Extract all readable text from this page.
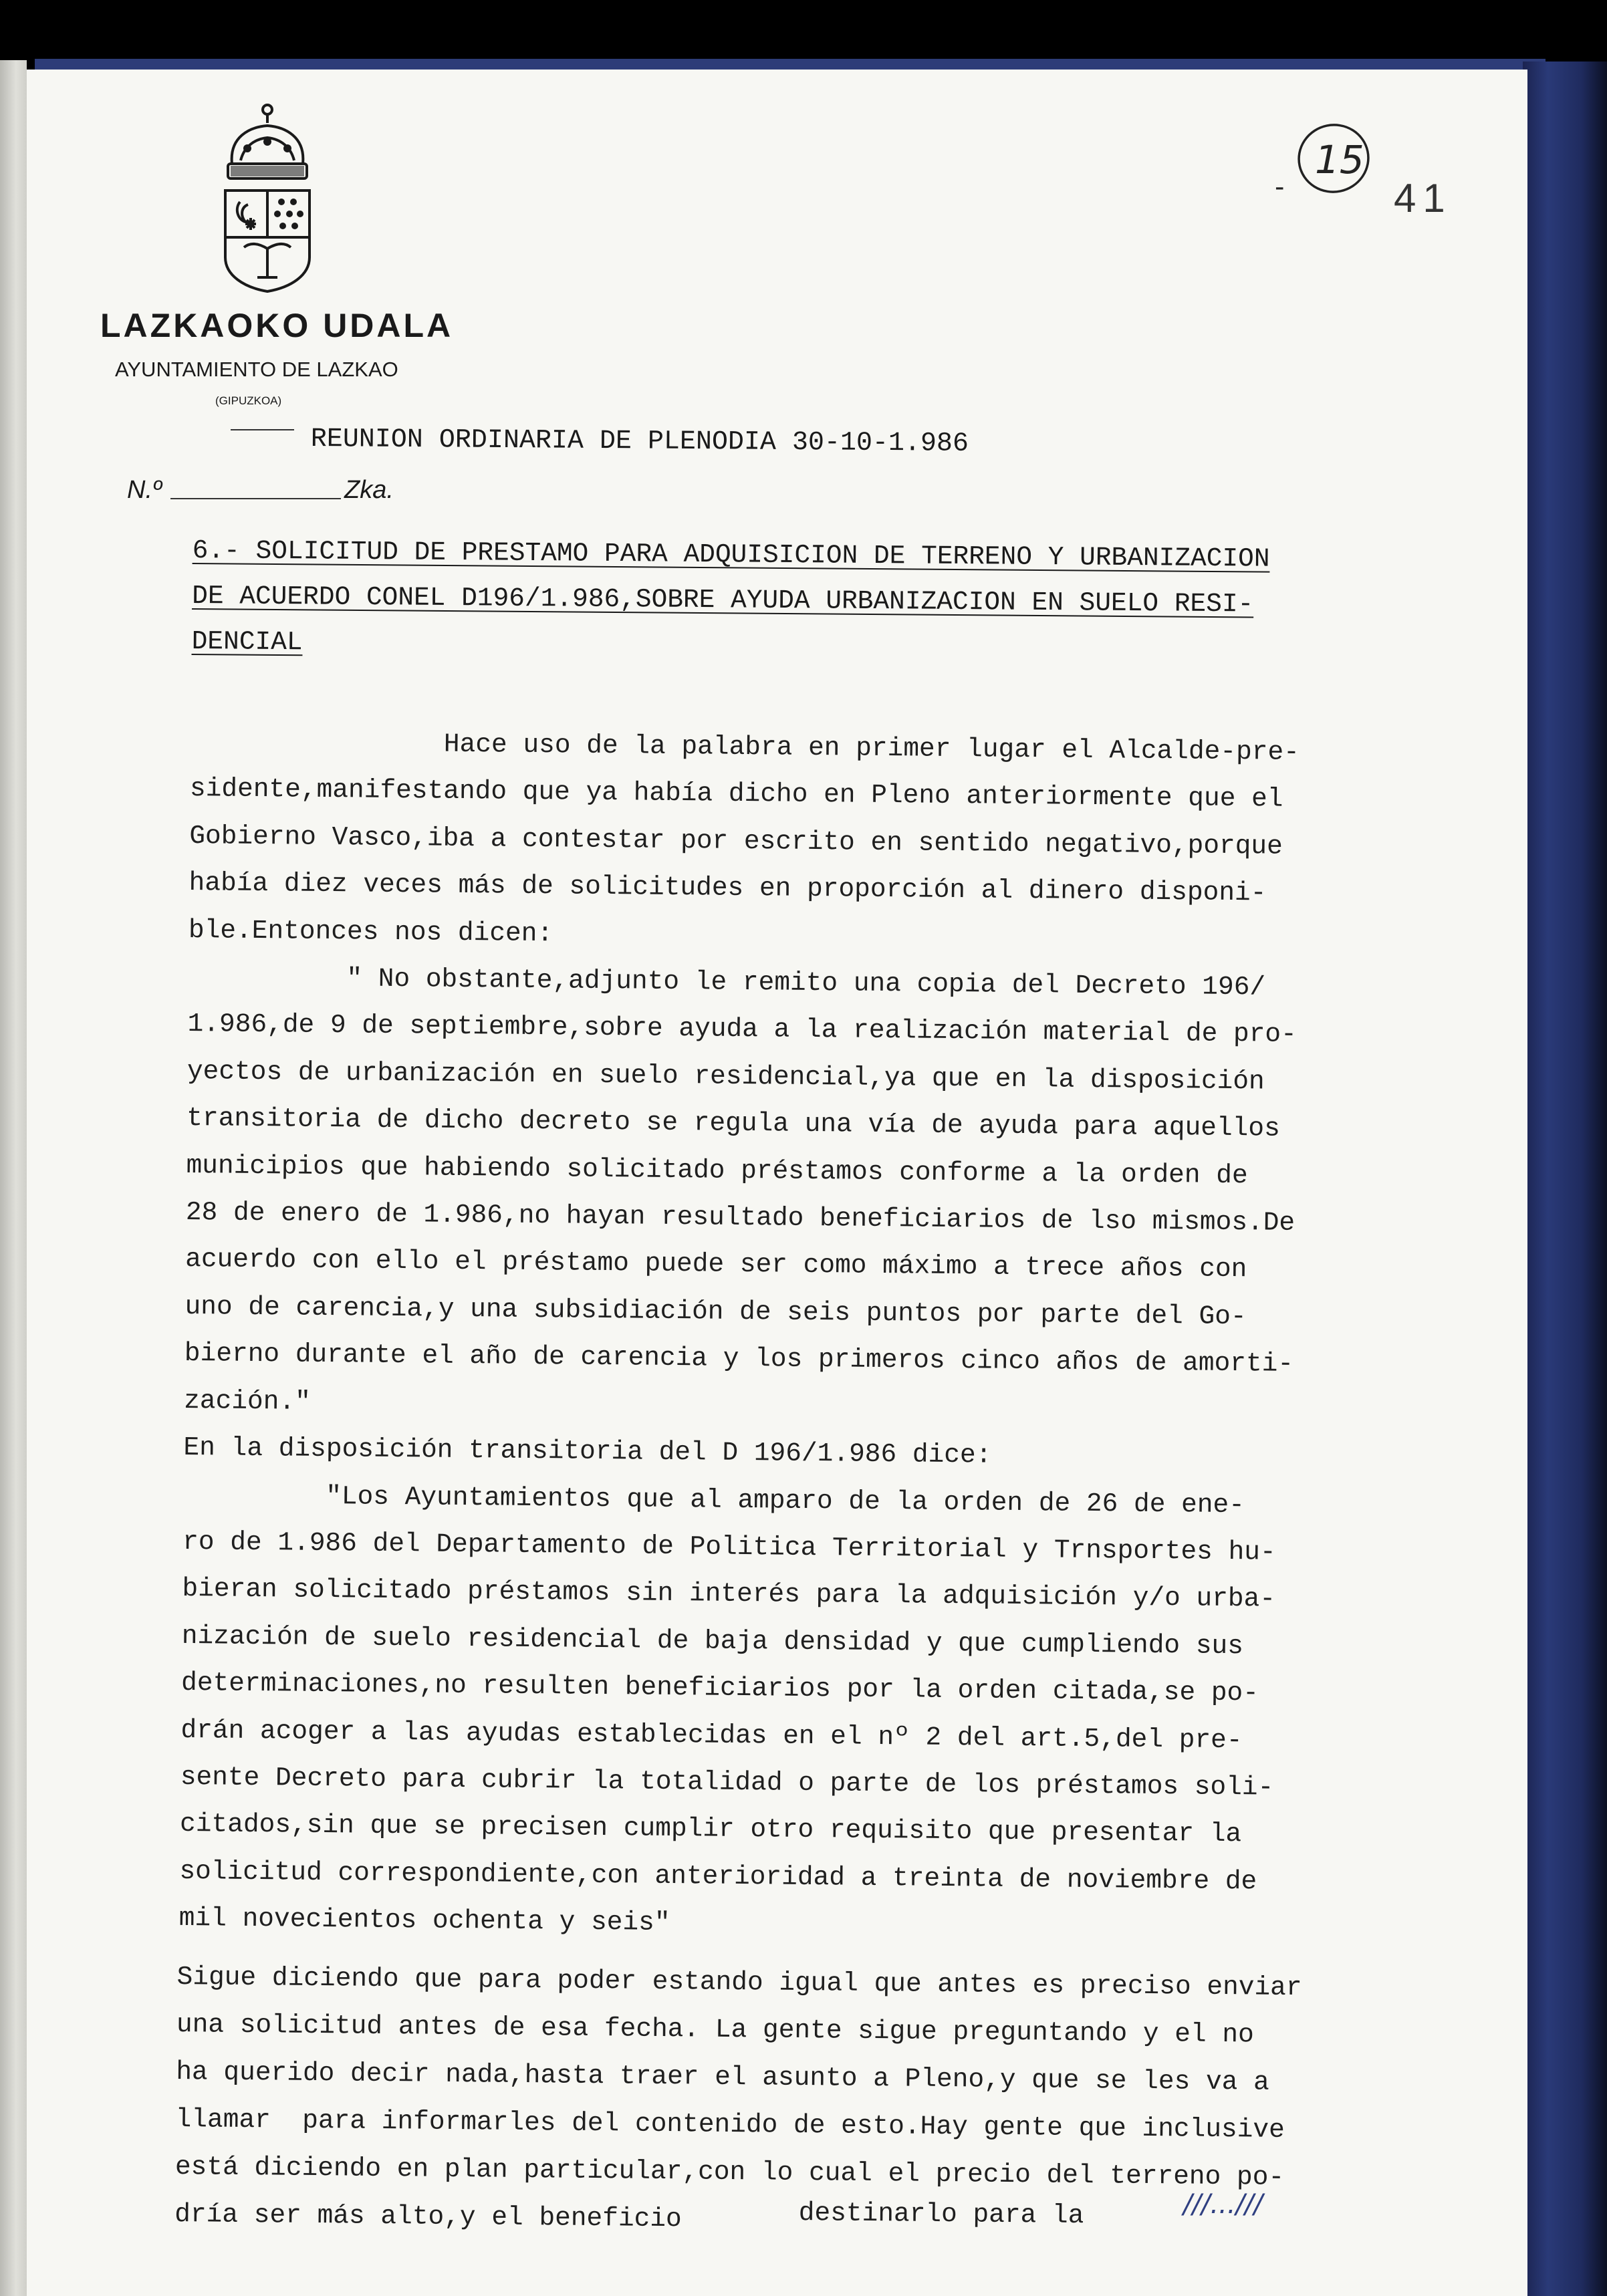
LAZKAOKO UDALA
AYUNTAMIENTO DE LAZKAO
(GIPUZKOA)
REUNION ORDINARIA DE PLENODIA 30-10-1.986
N.º	Zka.
15
-	41
6.- SOLICITUD DE PRESTAMO PARA ADQUISICION DE TERRENO Y URBANIZACION
DE ACUERDO CONEL D196/1.986,SOBRE AYUDA URBANIZACION EN SUELO RESI-
DENCIAL
Hace uso de la palabra en primer lugar el Alcalde-pre-
sidente,manifestando que ya había dicho en Pleno anteriormente que el
Gobierno Vasco,iba a contestar por escrito en sentido negativo,porque
había diez veces más de solicitudes en proporción al dinero disponi-
ble.Entonces nos dicen:
" No obstante,adjunto le remito una copia del Decreto 196/
1.986,de 9 de septiembre,sobre ayuda a la realización material de pro-
yectos de urbanización en suelo residencial,ya que en la disposición
transitoria de dicho decreto se regula una vía de ayuda para aquellos
municipios que habiendo solicitado préstamos conforme a la orden de
28 de enero de 1.986,no hayan resultado beneficiarios de lso mismos.De
acuerdo con ello el préstamo puede ser como máximo a trece años con
uno de carencia,y una subsidiación de seis puntos por parte del Go-
bierno durante el año de carencia y los primeros cinco años de amorti-
zación."
En la disposición transitoria del D 196/1.986 dice:
"Los Ayuntamientos que al amparo de la orden de 26 de ene-
ro de 1.986 del Departamento de Politica Territorial y Trnsportes hu-
bieran solicitado préstamos sin interés para la adquisición y/o urba-
nización de suelo residencial de baja densidad y que cumpliendo sus
determinaciones,no resulten beneficiarios por la orden citada,se po-
drán acoger a las ayudas establecidas en el nº 2 del art.5,del pre-
sente Decreto para cubrir la totalidad o parte de los préstamos soli-
citados,sin que se precisen cumplir otro requisito que presentar la
solicitud correspondiente,con anterioridad a treinta de noviembre de
mil novecientos ochenta y seis"
Sigue diciendo que para poder estando igual que antes es preciso enviar
una solicitud antes de esa fecha. La gente sigue preguntando y el no
ha querido decir nada,hasta traer el asunto a Pleno,y que se les va a
llamar  para informarles del contenido de esto.Hay gente que inclusive
está diciendo en plan particular,con lo cual el precio del terreno po-
dría ser más alto,y el beneficio	destinarlo para la	///...///
